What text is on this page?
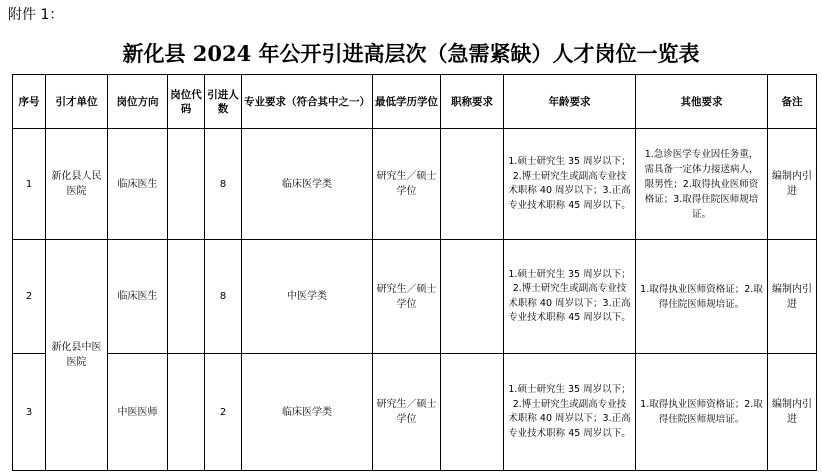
附件 1：
新化县 2024 年公开引进高层次（急需紧缺）人才岗位一览表
序号	引才单位	岗位方向	岗位代码	引进人数	专业要求（符合其中之一）	最低学历学位	职称要求	年龄要求	其他要求	备注
1	新化县人民医院	临床医生		8	临床医学类	研究生／硕士学位		1.硕士研究生 35 周岁以下；2.博士研究生或副高专业技术职称 40 周岁以下；3.正高专业技术职称 45 周岁以下。	1.急诊医学专业因任务重，需具备一定体力接送病人，限男性；2.取得执业医师资格证；3.取得住院医师规培证。	编制内引进
2	新化县中医医院	临床医生		8	中医学类	研究生／硕士学位		1.硕士研究生 35 周岁以下；2.博士研究生或副高专业技术职称 40 周岁以下；3.正高专业技术职称 45 周岁以下。	1.取得执业医师资格证；2.取得住院医师规培证。	编制内引进
3		中医医师		2	临床医学类	研究生／硕士学位		1.硕士研究生 35 周岁以下；2.博士研究生或副高专业技术职称 40 周岁以下；3.正高专业技术职称 45 周岁以下。	1.取得执业医师资格证；2.取得住院医师规培证。	编制内引进
